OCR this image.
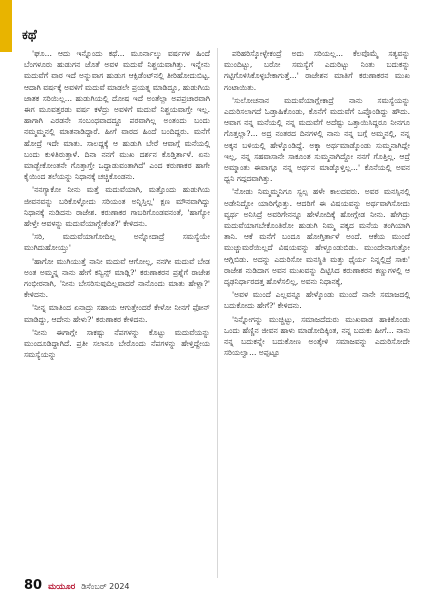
ಕಥೆ

'ಘೂ... ಆದು ಇನ್ನೊಂದು ಕಥೆ... ಮೂರ್ನಾಲ್ಕು ವರ್ಷಗಳ ಹಿಂದೆ ಬೆಂಗಳೂರು ಹುಡುಗನ ಜೊತೆ ಅವಳ ಮದುವೆ ನಿಶ್ಚಯವಾಗಿತ್ತು. ಇನ್ನೇನು ಮದುವೆಗೆ ವಾರ ಇದೆ ಅನ್ನುವಾಗ ಹುಡುಗ ಆಕ್ಸಿಡೆಂಟ್‌ನಲ್ಲಿ ತೀರಿಹೋದುಬಿಟ್ಟ. ಆದಾಗಿ ವರ್ಷಕ್ಕೆ ಅವಳಿಗೆ ಮದುವೆ ಮಾಡಲೇ ಪ್ರಯತ್ನ ಮಾಡಿದ್ದೂ, ಹುಡುಗಿಯ ಜಾತಕ ಸರಿಯಿಲ್ಲ... ಹುಡುಗಿಯಲ್ಲಿ ದೋಷ ಇದೆ ಅಂತೆಲ್ಲಾ ಅಪಪ್ರಚಾರವಾಗಿ ಈಗ ಮೂವತ್ತರಡು ವರ್ಷ ಕಳೆದ್ರು ಅವಳಿಗೆ ಮದುವೆ ನಿಶ್ಚಯವಾಗ್ತೇ ಇಲ್ಲ. ಹಾಗಾಗಿ ಎರಡನೇ ಸಂಬಂಧವಾದದ್ದೂ ಪರವಾಗಿಲ್ಲ ಅಂತಂದು ಬಂದು ನಮ್ಮಮ್ಮನಲ್ಲಿ ಮಾತನಾಡಿದ್ದಾರೆ. ಹೀಗೆ ವಾರದ ಹಿಂದೆ ಬಂದಿದ್ದರು. ಮನೆಗೆ ಹೋದ್ರೆ ಇದೇ ಮಾತು. ಸಾಲದ್ದಕ್ಕೆ ಆ ಹುಡುಗಿ ಬೇರೆ ಆವಾಗ್ಗೆ ಮನೆಯಲ್ಲಿ ಬಂದು ಕುಳಿತಿರುತ್ತಾಳೆ. ದಿನಾ ನನಗೆ ಮುಖ ದರ್ಶನ ಕೊಡ್ತಿರ್ತಾಳೆ. ಏನು ಮಾಡ್ಬೇಕೋಂತನೇ ಗೊತ್ತಾಗ್ತೇ ಒದ್ದಾಡುವಂತಾಗಿದೆ' ಎಂದ ಕರುಣಾಕರ ಹಾಗೇ ಕೈಯಿಂದ ತಲೆಯನ್ನು ನಿಧಾನಕ್ಕೆ ಚಚ್ಚಿಕೊಂಡನು.

'ನನಗ್ಯಾಕೋ ನೀನು ಮತ್ತೆ ಮದುವೆಯಾಗಿ, ಮತ್ತೊಂದು ಹುಡುಗಿಯ ಜೀವನವನ್ನು ಬರಿಕೊಳ್ಳೋದು ಸರಿಯಂತ ಅನ್ನಿಸ್ತಿಲ್ಲ' ಕ್ಷಣ ಮೌನವಾಗಿದ್ದು ನಿಧಾನಕ್ಕೆ ನುಡಿದನು ರಾಜೇಶ. ಕರುಣಾಕರ ಗಾಬರಿಗೊಂಡವನಂತೆ, 'ಹಾಗ್ಯೋ ಹೇಳ್ತೇ ಆವಳನ್ನು ಮದುವೆಯಾಗ್ಬೇಕೆಂತ?' ಕೇಳಿದನು.

'ಸರಿ, ಮದುವೆಯಾಗೋದಿಲ್ಲ ಅನ್ನೋದಾದ್ರೆ ಸಮಸ್ಯೆಯೇ ಮುಗಿದುಹೋಯ್ತು'

'ಹಾಗೋ ಮುಗಿಯುತ್ತೆ ನಾನೀ ಮದುವೆ ಆಗೋಲ್ಲ, ನನಗೀ ಮದುವೆ ಬೇಡ ಅಂತ ಅಮ್ಮನ್ನ ನಾನು ಹೇಗೆ ಕನ್ವಿನ್ಸ್ ಮಾಡ್ಲಿ?' ಕರುಣಾಕರನ ಪ್ರಶ್ನೆಗೆ ರಾಜೇಶ ಗಂಭೀರನಾಗಿ, 'ನೀನು ಬೇಸರಿಸುವುದಿಲ್ಲವಾದರೆ ನಾನೊಂದು ಮಾತು ಹೇಳ್ಲಾ?' ಕೇಳಿದನು.

'ನೀನ್ನ ಮಾತಿಂದ ಏನಾದ್ರು ಸಹಾಯ ಆಗುತ್ತೇಂದರೆ ಕೇಳೋ ನೀನಗೆ ಫೋನ್ ಮಾಡಿದ್ದು, ಆದೇನು ಹೇಳು?' ಕರುಣಾಕರ ಕೇಳಿದನು.

'ನೀನು ಈಗಾಗ್ಲೇ ಸಾಕಷ್ಟು ನೆಪಗಳನ್ನು ಕೊಟ್ಟು ಮದುವೆಯನ್ನು ಮುಂದೂಡಿದ್ದಾಗಿದೆ. ಪ್ರತೀ ಸಲಾನೂ ಬೇರೊಂದು ನೆಪಗಳನ್ನು ಹೇಳ್ತಿದ್ದೇಯ ಸಮಸ್ಯೆಯನ್ನು

ಪರಿಹರಿಸ್ಕೋಳ್ಳೇಕಂದ್ರೆ ಅದು ಸರಿಯಲ್ಲ... ಕೆಲವೊಮ್ಮೆ ಸತ್ಯವನ್ನು ಮುಂದಿಟ್ಟು, ಬರೋ ಸಮಸ್ಯೆಗೆ ಎದುರಿಟ್ಟು ನಿಂತು ಬದುಕನ್ನು ಗಟ್ಟಿಗೊಳಿಸಿಕೊಳ್ಳಬೇಕಾಗುತ್ತೆ...' ರಾಜೇಶನ ಮಾತಿಗೆ ಕರುಣಾಕರನ ಮುಖ ಗಂಟಾಯಿತು.

'ಸುಲೋಚನಾನ ಮದುವೆಯಾಗ್ಲೇಕಾದ್ರೆ ನಾನು ಸಮಸ್ಯೆಯನ್ನು ಎದುರಿಸಲಾಗದೆ ಓಡ್ತಾಹಿಕೊಂಡು, ಕೊನೆಗೆ ಮದುವೆಗೆ ಒಪ್ಕೊಂಡಿದ್ದು ಹೌದು. ಆವಾಗ ನನ್ನ ಮನೆಯಲ್ಲಿ ನನ್ನ ಮದುವೆಗೆ ಅದೆಷ್ಟು ಒತ್ತಾಯಿಸಿದ್ದರೂ ನೀನಗೂ ಗೊತ್ತಲ್ಲಾ?... ಅದ್ರ ನಂತರದ ದಿನಗಳಲ್ಲಿ ನಾನು ನನ್ನ ಬಗ್ಗೆ ಅಮ್ಮನಲ್ಲಿ, ನನ್ನ ಅಕ್ಕನ ಬಳಿಯಲ್ಲಿ ಹೇಳ್ಕೊಂಡಿದ್ದೆ. ಅಕ್ಕಾ ಅರ್ಥಮಾಡ್ಕೊಂಡು ಸುಮ್ಮನಾಗಿದ್ಲೇ ಇಲ್ಲ, ನನ್ನ ಸಹವಾಸಾನೇ ಸಾಕೂಂತ ಸುಮ್ಮನಾಗಿದ್ದೋ ನನಗೆ ಗೊತ್ತಿಲ್ಲ. ಆದ್ರೆ ಅಮ್ಮಾಂತು ಈವಾಗ್ಲೂ ನನ್ನ ಅರ್ಥನ ಮಾಡ್ಕೊಳ್ತಿಲ್ಲ...' ಕೊನೆಯಲ್ಲಿ ಅವನ ಧ್ವನಿ ಗದ್ಗದವಾಗಿತ್ತು.

'ನೋಡು ನಿಮ್ಮಮ್ಮನಿಗೂ ಸ್ವಲ್ಪ ಹಳೇ ಕಾಲದವರು. ಅವರ ಮನಸ್ಸಿನಲ್ಲಿ ಅಡೇನಿದ್ದೋ ಯಾರಿಗ್ಗೊತ್ತು. ಆದರಿಗೆ ಈ ವಿಷಯವನ್ನು ಅರ್ಥವಾಗಿಸೋದು ವ್ಯರ್ಥ ಅನಿಸಿದ್ರೆ ಅವರಿಗೇನನ್ನೂ ಹೇಳೋದಿಕ್ಕೆ ಹೋಗ್ಲೇಡ ನೀನು. ಹೇಗಿದ್ರು ಮದುವೆಯಾಗಬೇಕೊಂತಿರೋ ಹುಡುಗಿ ನಿಮ್ಮ ಪಕ್ಕದ ಮನೆಯ ತಂಗಿಯಾಗಿ ತಾನಿ. ಆಕೆ ಮನೆಗೆ ಬಂದೂ ಹೋಗ್ತಿರ್ತಾಳೆ ಅಂದೆ. ಆಕೆಯ ಮುಂದೆ ಮುಚ್ಚುಮರೆಯಿಲ್ಲದೆ ವಿಷಯವನ್ನು ಹೇಳ್ಬೂಂಡುಬಿಡು. ಮುಂದೇನಾಗುತ್ತೋ ಆಗ್ಲಿಬಿಡು. ಅದನ್ನು ಎದುರಿಸೋ ಮನಸ್ಥಿತಿ ಮತ್ತು ಧೈರ್ಯ ನಿನ್ನಲ್ಲಿದ್ರೆ ಸಾಕು' ರಾಜೇಶ ನುಡಿದಾಗ ಅವನ ಮುಖವನ್ನು ದಿಟ್ಟಿಸಿದ ಕರುಣಾಕರನ ಕಣ್ಣುಗಳಲ್ಲಿ ಆ ದೃಢನಿರ್ಧಾರದತ್ತ ಹೊಳೆಸಲಿಲ್ಲ, ಅವನು ನಿಧಾನಕ್ಕೆ,

'ಅವಳ ಮುಂದೆ ಎಲ್ಲವನ್ನೂ ಹೇಳ್ಕೊಂಡು ಮುಂದೆ ನಾನೇ ಸಮಾಜದಲ್ಲಿ ಬದುಕೋದು ಹೇಗೆ?' ಕೇಳಿದನು.

'ನಿನ್ನೋಗನ್ನು ಮುಚ್ಚಿಟ್ಟು, ಸಮಾಜದೆದುರು ಮುಖವಾಡ ಹಾಕಿಕೊಂಡು ಒಂದು ಹೆಣ್ಣಿನ ಜೀವನ ಹಾಳು ಮಾಡೋದಿಕ್ಕಿಂತ, ನನ್ನ ಬದುಕು ಹೀಗೆ... ನಾನು ನನ್ನ ಬದುಕನ್ನೇ ಬದುಕೋಣ ಅಂತ್ಕೇಳಿ ಸಮಾಜವನ್ನು ಎದುರಿಸೋದೇ ಸರಿಯಲ್ವಾ... ಅಪ್ಪಟ್ಟೂ

80 ಮಯೂರ ಡಿಸೆಂಬರ್ 2024
